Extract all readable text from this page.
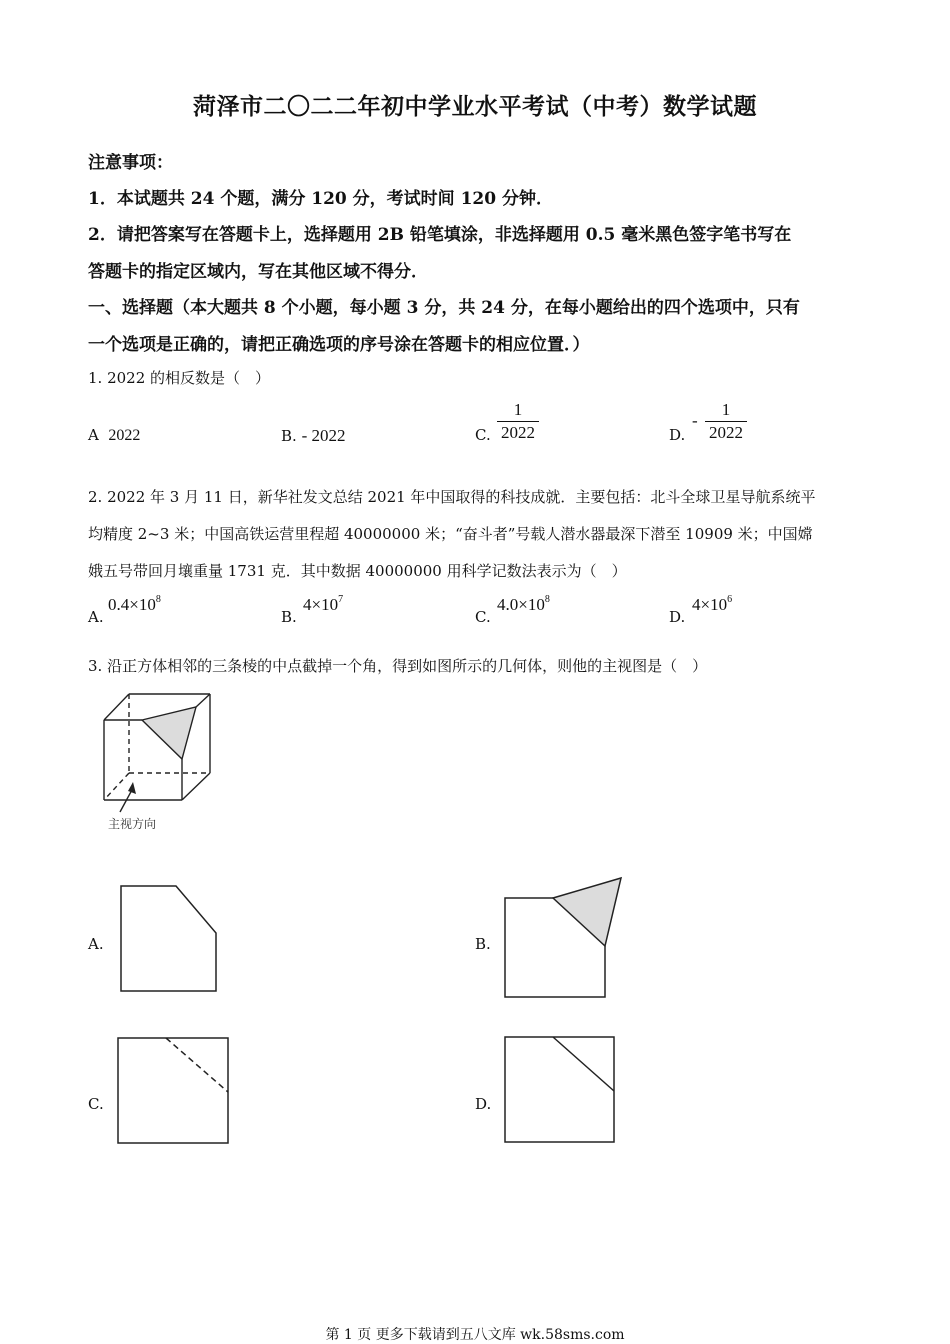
菏泽市二〇二二年初中学业水平考试（中考）数学试题
注意事项：
1．本试题共 24 个题，满分 120 分，考试时间 120 分钟．
2．请把答案写在答题卡上，选择题用 2B 铅笔填涂，非选择题用 0.5 毫米黑色签字笔书写在
答题卡的指定区域内，写在其他区域不得分．
一、选择题（本大题共 8 个小题，每小题 3 分，共 24 分，在每小题给出的四个选项中，只有
一个选项是正确的，请把正确选项的序号涂在答题卡的相应位置．）
1. 2022 的相反数是（　）
A 2022	B. - 2022	C.
1
2022	D.
-
1
2022
2. 2022 年 3 月 11 日，新华社发文总结 2021 年中国取得的科技成就．主要包括：北斗全球卫星导航系统平
均精度 2~3 米；中国高铁运营里程超 40000000 米；“奋斗者”号载人潜水器最深下潜至 10909 米；中国嫦
娥五号带回月壤重量 1731 克．其中数据 40000000 用科学记数法表示为（　）
A.
$0.4\times 10^8$
B.
$4\times 10^7$
C.
$4.0\times 10^8$
D.
$4\times 10^6$
3. 沿正方体相邻的三条棱的中点截掉一个角，得到如图所示的几何体，则他的主视图是（　）
主视方向
A.	B.
C.	D.
第 1 页 更多下载请到五八文库 wk.58sms.com
